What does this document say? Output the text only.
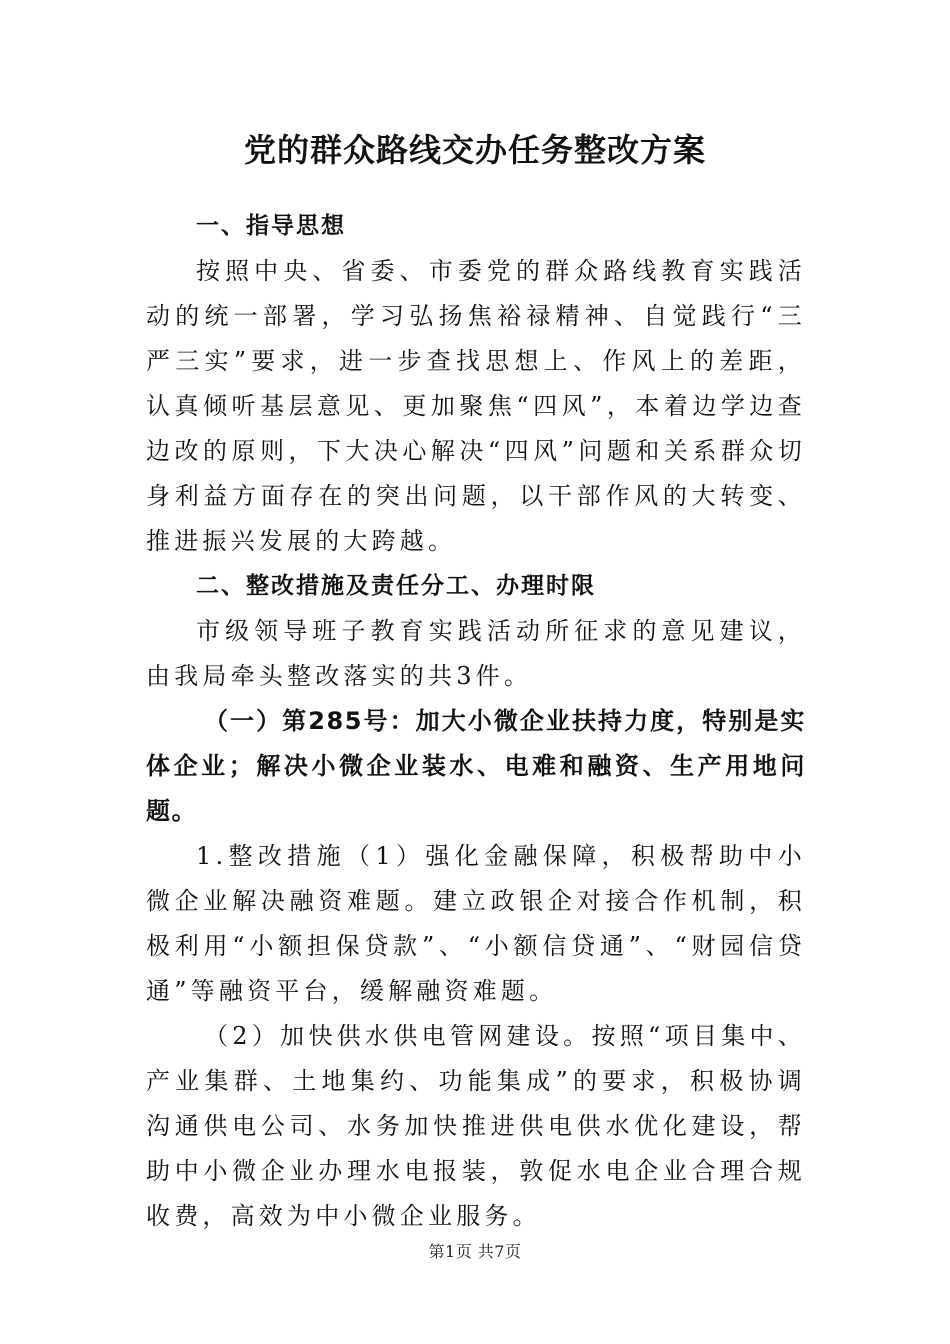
党的群众路线交办任务整改方案
一、指导思想

按照中央、省委、市委党的群众路线教育实践活动的统一部署，学习弘扬焦裕禄精神、自觉践行“三严三实”要求，进一步查找思想上、作风上的差距，认真倾听基层意见、更加聚焦“四风”，本着边学边查边改的原则，下大决心解决“四风”问题和关系群众切身利益方面存在的突出问题，以干部作风的大转变、推进振兴发展的大跨越。

二、整改措施及责任分工、办理时限

市级领导班子教育实践活动所征求的意见建议，由我局牵头整改落实的共3件。

（一）第285号：加大小微企业扶持力度，特别是实体企业；解决小微企业装水、电难和融资、生产用地问题。

1.整改措施（1）强化金融保障，积极帮助中小微企业解决融资难题。建立政银企对接合作机制，积极利用“小额担保贷款”、“小额信贷通”、“财园信贷通”等融资平台，缓解融资难题。

（2）加快供水供电管网建设。按照“项目集中、产业集群、土地集约、功能集成”的要求，积极协调沟通供电公司、水务加快推进供电供水优化建设，帮助中小微企业办理水电报装，敦促水电企业合理合规收费，高效为中小微企业服务。

第1页 共7页
